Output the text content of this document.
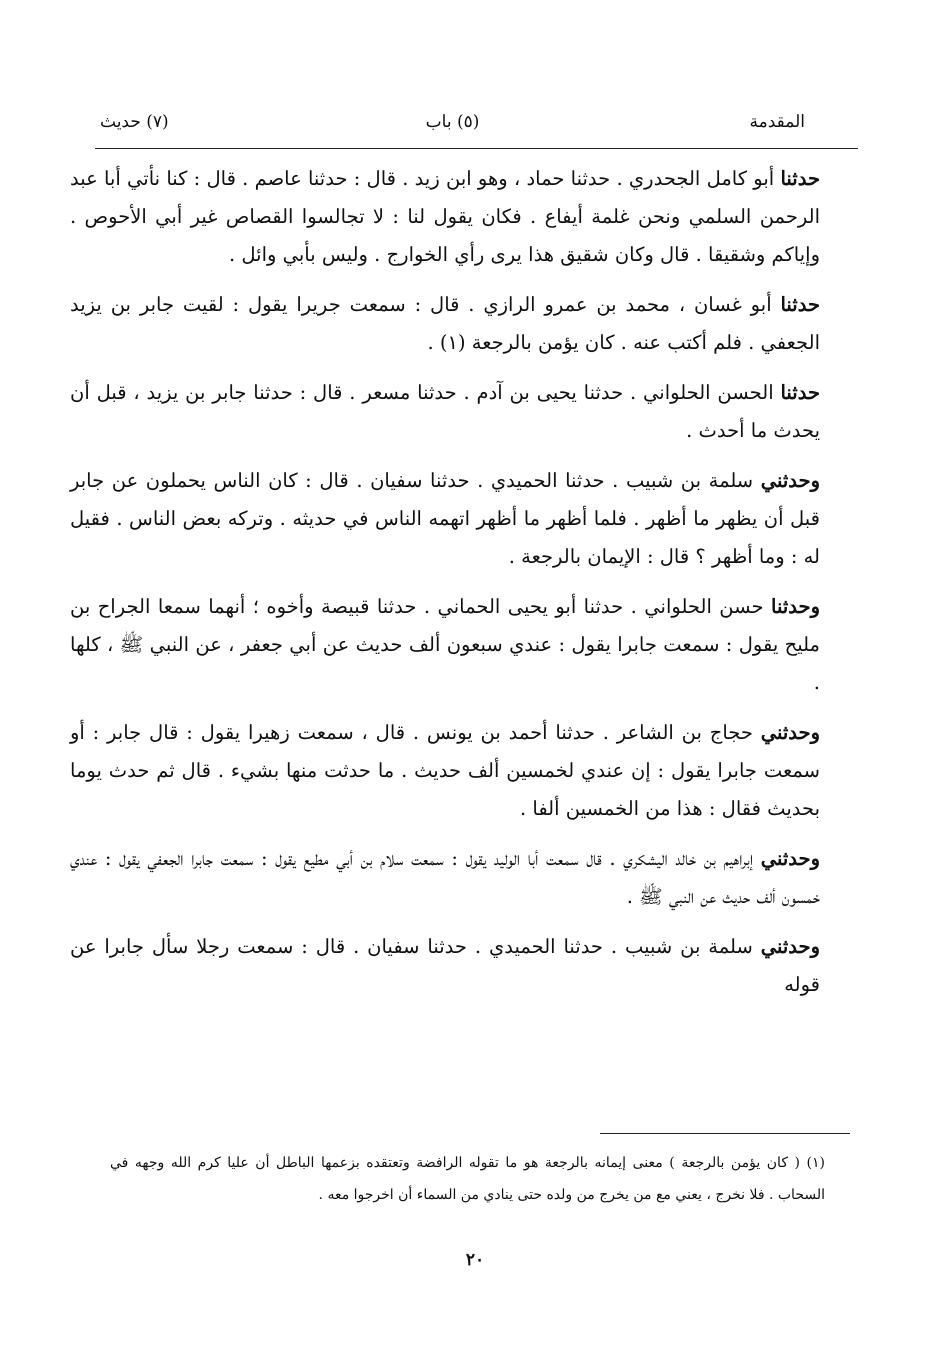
المقدمة
(٥) باب
(٧) حديث

حدثنا أبو كامل الجحدري . حدثنا حماد ، وهو ابن زيد . قال : حدثنا عاصم . قال : كنا نأتي أبا عبد الرحمن السلمي ونحن غلمة أيفاع . فكان يقول لنا : لا تجالسوا القصاص غير أبي الأحوص . وإياكم وشقيقا . قال وكان شقيق هذا يرى رأي الخوارج . وليس بأبي وائل .

حدثنا أبو غسان ، محمد بن عمرو الرازي . قال : سمعت جريرا يقول : لقيت جابر بن يزيد الجعفي . فلم أكتب عنه . كان يؤمن بالرجعة (١) .

حدثنا الحسن الحلواني . حدثنا يحيى بن آدم . حدثنا مسعر . قال : حدثنا جابر بن يزيد ، قبل أن يحدث ما أحدث .

وحدثني سلمة بن شبيب . حدثنا الحميدي . حدثنا سفيان . قال : كان الناس يحملون عن جابر قبل أن يظهر ما أظهر . فلما أظهر ما أظهر اتهمه الناس في حديثه . وتركه بعض الناس . فقيل له : وما أظهر ؟ قال : الإيمان بالرجعة .

وحدثنا حسن الحلواني . حدثنا أبو يحيى الحماني . حدثنا قبيصة وأخوه ؛ أنهما سمعا الجراح بن مليح يقول : سمعت جابرا يقول : عندي سبعون ألف حديث عن أبي جعفر ، عن النبي ﷺ ، كلها .

وحدثني حجاج بن الشاعر . حدثنا أحمد بن يونس . قال ، سمعت زهيرا يقول : قال جابر : أو سمعت جابرا يقول : إن عندي لخمسين ألف حديث . ما حدثت منها بشيء . قال ثم حدث يوما بحديث فقال : هذا من الخمسين ألفا .

وحدثني إبراهيم بن خالد اليشكري . قال سمعت أبا الوليد يقول : سمعت سلام بن أبي مطيع يقول : سمعت جابرا الجعفي يقول : عندي خمسون ألف حديث عن النبي ﷺ .

وحدثني سلمة بن شبيب . حدثنا الحميدي . حدثنا سفيان . قال : سمعت رجلا سأل جابرا عن قوله

(١) ( كان يؤمن بالرجعة ) معنى إيمانه بالرجعة هو ما تقوله الرافضة وتعتقده بزعمها الباطل أن عليا كرم الله وجهه في السحاب . فلا نخرج ، يعني مع من يخرج من ولده حتى ينادي من السماء أن اخرجوا معه .
٢٠
